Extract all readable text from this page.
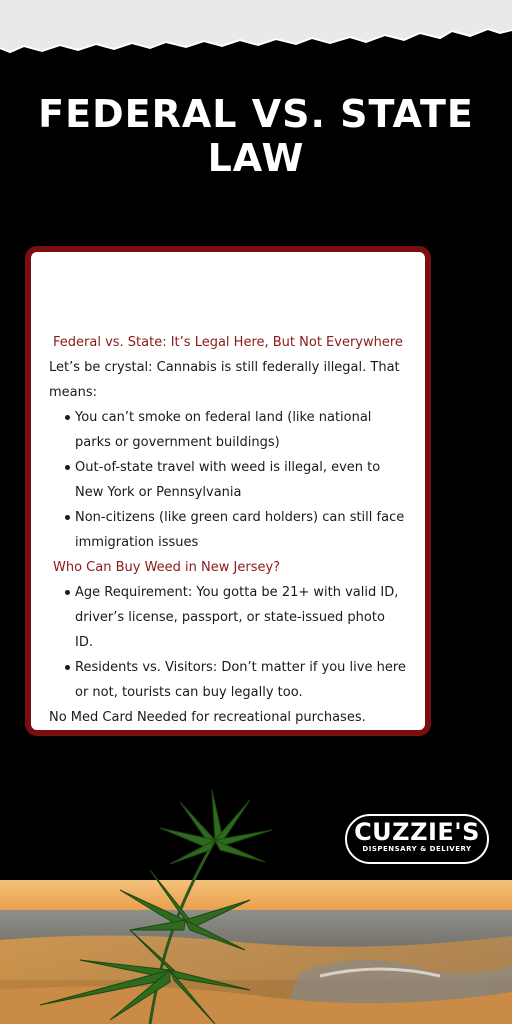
FEDERAL VS. STATE
LAW
Federal vs. State: It’s Legal Here, But Not Everywhere

Let’s be crystal: Cannabis is still federally illegal. That means:

You can’t smoke on federal land (like national parks or government buildings)
Out-of-state travel with weed is illegal, even to New York or Pennsylvania
Non-citizens (like green card holders) can still face immigration issues
Who Can Buy Weed in New Jersey?
Age Requirement: You gotta be 21+ with valid ID, driver’s license, passport, or state-issued photo ID.
Residents vs. Visitors: Don’t matter if you live here or not, tourists can buy legally too.

No Med Card Needed for recreational purchases.

CUZZIE'S
DISPENSARY & DELIVERY
